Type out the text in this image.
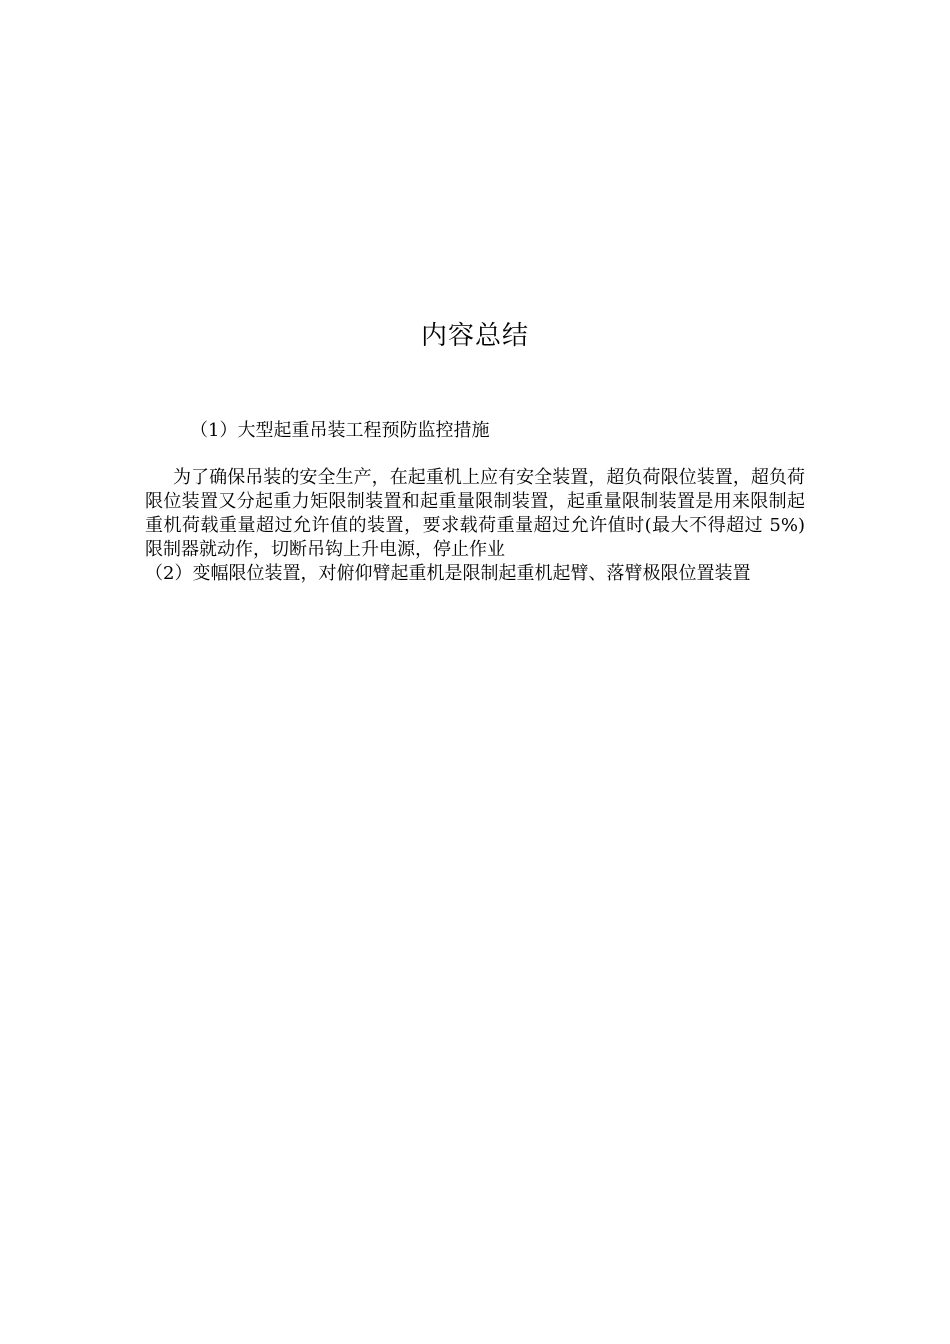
内容总结
（1）大型起重吊装工程预防监控措施

为了确保吊装的安全生产，在起重机上应有安全装置，超负荷限位装置，超负荷限位装置又分起重力矩限制装置和起重量限制装置，起重量限制装置是用来限制起重机荷载重量超过允许值的装置，要求载荷重量超过允许值时(最大不得超过 5%)限制器就动作，切断吊钩上升电源，停止作业

（2）变幅限位装置，对俯仰臂起重机是限制起重机起臂、落臂极限位置装置
